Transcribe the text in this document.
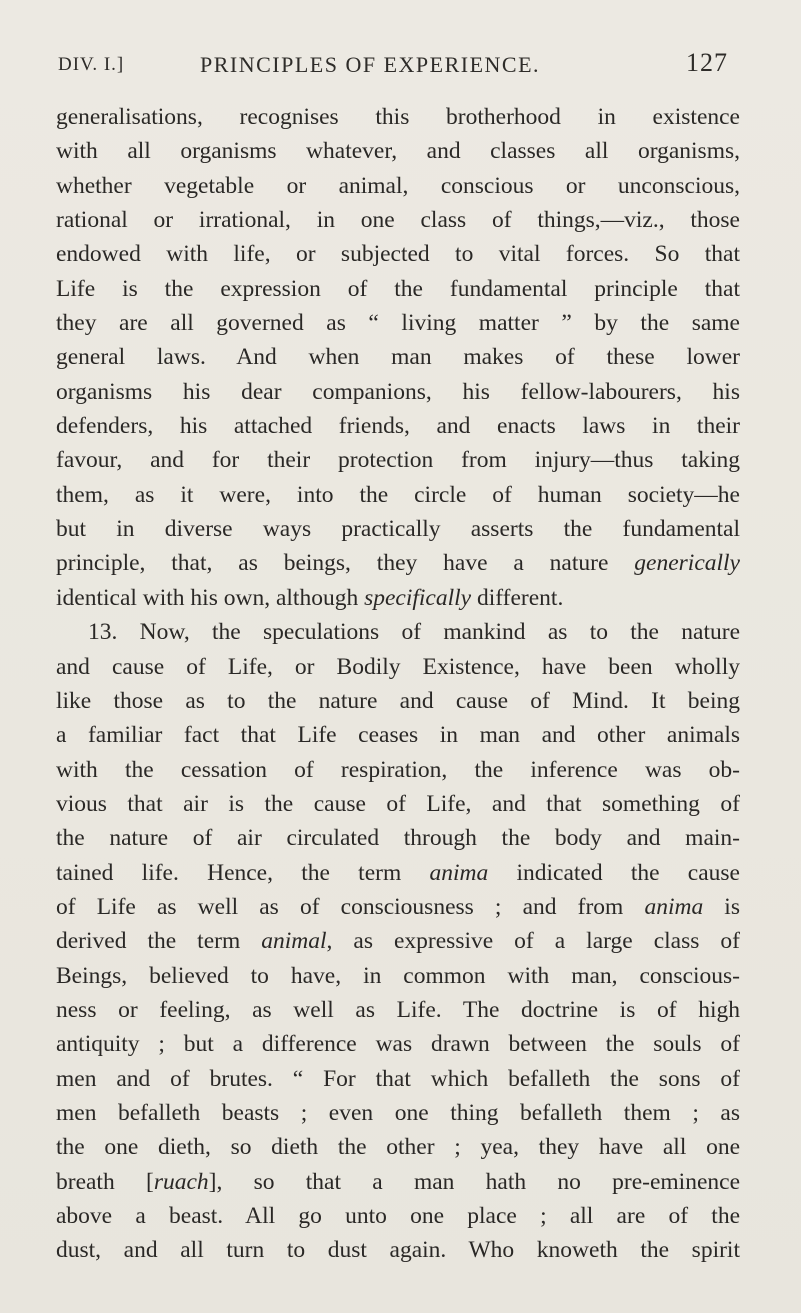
DIV. I.]	PRINCIPLES OF EXPERIENCE.	127
generalisations, recognises this brotherhood in existence
with all organisms whatever, and classes all organisms,
whether vegetable or animal, conscious or unconscious,
rational or irrational, in one class of things,—viz., those
endowed with life, or subjected to vital forces. So that
Life is the expression of the fundamental principle that
they are all governed as “ living matter ” by the same
general laws. And when man makes of these lower
organisms his dear companions, his fellow-labourers, his
defenders, his attached friends, and enacts laws in their
favour, and for their protection from injury—thus taking
them, as it were, into the circle of human society—he
but in diverse ways practically asserts the fundamental
principle, that, as beings, they have a nature generically
identical with his own, although specifically different.
13. Now, the speculations of mankind as to the nature
and cause of Life, or Bodily Existence, have been wholly
like those as to the nature and cause of Mind. It being
a familiar fact that Life ceases in man and other animals
with the cessation of respiration, the inference was ob-
vious that air is the cause of Life, and that something of
the nature of air circulated through the body and main-
tained life. Hence, the term anima indicated the cause
of Life as well as of consciousness ; and from anima is
derived the term animal, as expressive of a large class of
Beings, believed to have, in common with man, conscious-
ness or feeling, as well as Life. The doctrine is of high
antiquity ; but a difference was drawn between the souls of
men and of brutes. “ For that which befalleth the sons of
men befalleth beasts ; even one thing befalleth them ; as
the one dieth, so dieth the other ; yea, they have all one
breath [ruach], so that a man hath no pre-eminence
above a beast. All go unto one place ; all are of the
dust, and all turn to dust again. Who knoweth the spirit
